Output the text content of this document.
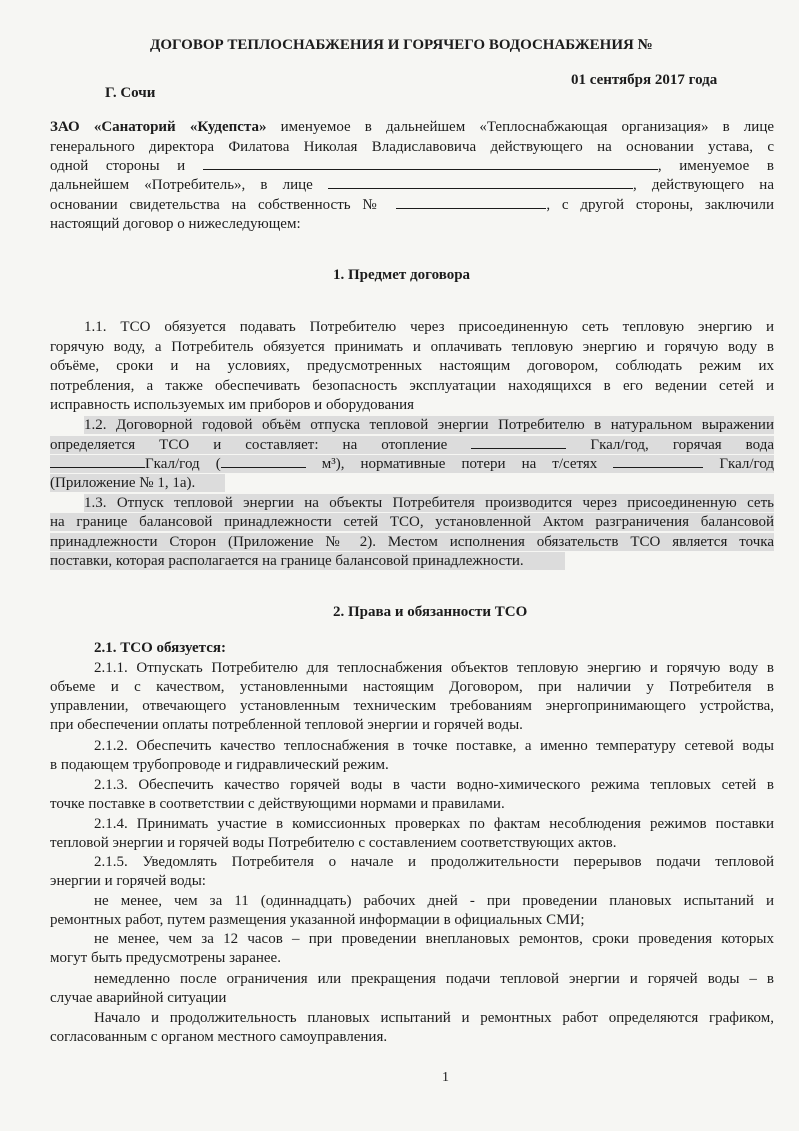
ДОГОВОР ТЕПЛОСНАБЖЕНИЯ И ГОРЯЧЕГО ВОДОСНАБЖЕНИЯ №
Г. Сочи
01 сентября 2017 года
ЗАО «Санаторий «Кудепста» именуемое в дальнейшем «Теплоснабжающая организация» в лице
генерального директора Филатова Николая Владиславовича действующего на основании устава, с
одной стороны и	, именуемое в
дальнейшем «Потребитель», в лице	, действующего на
основании свидетельства на собственность №	, с другой стороны, заключили
настоящий договор о нижеследующем:
1. Предмет договора
1.1. ТСО обязуется подавать Потребителю через присоединенную сеть тепловую энергию и
горячую воду, а Потребитель обязуется принимать и оплачивать тепловую энергию и горячую воду в
объёме, сроки и на условиях, предусмотренных настоящим договором, соблюдать режим их
потребления, а также обеспечивать безопасность эксплуатации находящихся в его ведении сетей и
исправность используемых им приборов и оборудования
1.2. Договорной годовой объём отпуска тепловой энергии Потребителю в натуральном выражении
определяется ТСО и составляет: на отопление	Гкал/год, горячая вода
Гкал/год (	м³), нормативные потери на т/сетях	Гкал/год
(Приложение № 1, 1а).
1.3. Отпуск тепловой энергии на объекты Потребителя производится через присоединенную сеть
на границе балансовой принадлежности сетей ТСО, установленной Актом разграничения балансовой
принадлежности Сторон (Приложение № 2). Местом исполнения обязательств ТСО является точка
поставки, которая располагается на границе балансовой принадлежности.
2. Права и обязанности ТСО
2.1. ТСО обязуется:
2.1.1. Отпускать Потребителю для теплоснабжения объектов тепловую энергию и горячую воду в
объеме и с качеством, установленными настоящим Договором, при наличии у Потребителя в
управлении, отвечающего установленным техническим требованиям энергопринимающего устройства,
при обеспечении оплаты потребленной тепловой энергии и горячей воды.
2.1.2. Обеспечить качество теплоснабжения в точке поставке, а именно температуру сетевой воды
в подающем трубопроводе и гидравлический режим.
2.1.3. Обеспечить качество горячей воды в части водно-химического режима тепловых сетей в
точке поставке в соответствии с действующими нормами и правилами.
2.1.4. Принимать участие в комиссионных проверках по фактам несоблюдения режимов поставки
тепловой энергии и горячей воды Потребителю с составлением соответствующих актов.
2.1.5. Уведомлять Потребителя о начале и продолжительности перерывов подачи тепловой
энергии и горячей воды:
не менее, чем за 11 (одиннадцать) рабочих дней - при проведении плановых испытаний и
ремонтных работ, путем размещения указанной информации в официальных СМИ;
не менее, чем за 12 часов – при проведении внеплановых ремонтов, сроки проведения которых
могут быть предусмотрены заранее.
немедленно после ограничения или прекращения подачи тепловой энергии и горячей воды – в
случае аварийной ситуации
Начало и продолжительность плановых испытаний и ремонтных работ определяются графиком,
согласованным с органом местного самоуправления.
1
